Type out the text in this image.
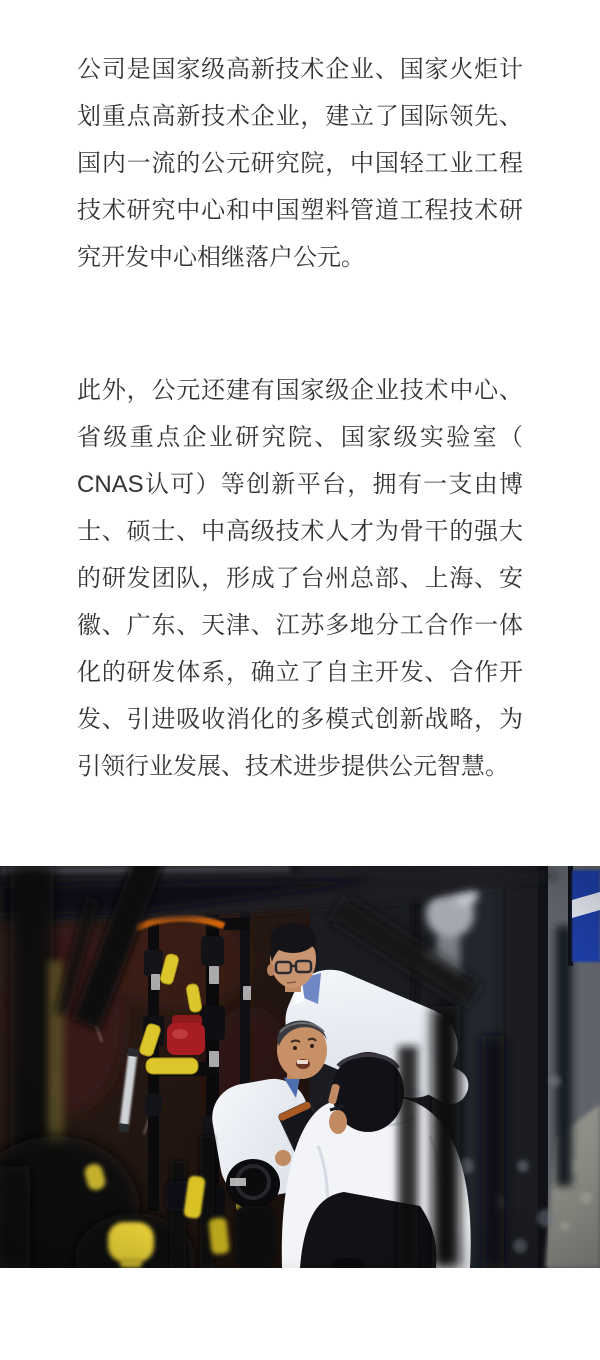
公司是国家级高新技术企业、国家火炬计
划重点高新技术企业，建立了国际领先、
国内一流的公元研究院，中国轻工业工程
技术研究中心和中国塑料管道工程技术研
究开发中心相继落户公元。

此外，公元还建有国家级企业技术中心、
省级重点企业研究院、国家级实验室（
CNAS认可）等创新平台，拥有一支由博
士、硕士、中高级技术人才为骨干的强大
的研发团队，形成了台州总部、上海、安
徽、广东、天津、江苏多地分工合作一体
化的研发体系，确立了自主开发、合作开
发、引进吸收消化的多模式创新战略，为
引领行业发展、技术进步提供公元智慧。
